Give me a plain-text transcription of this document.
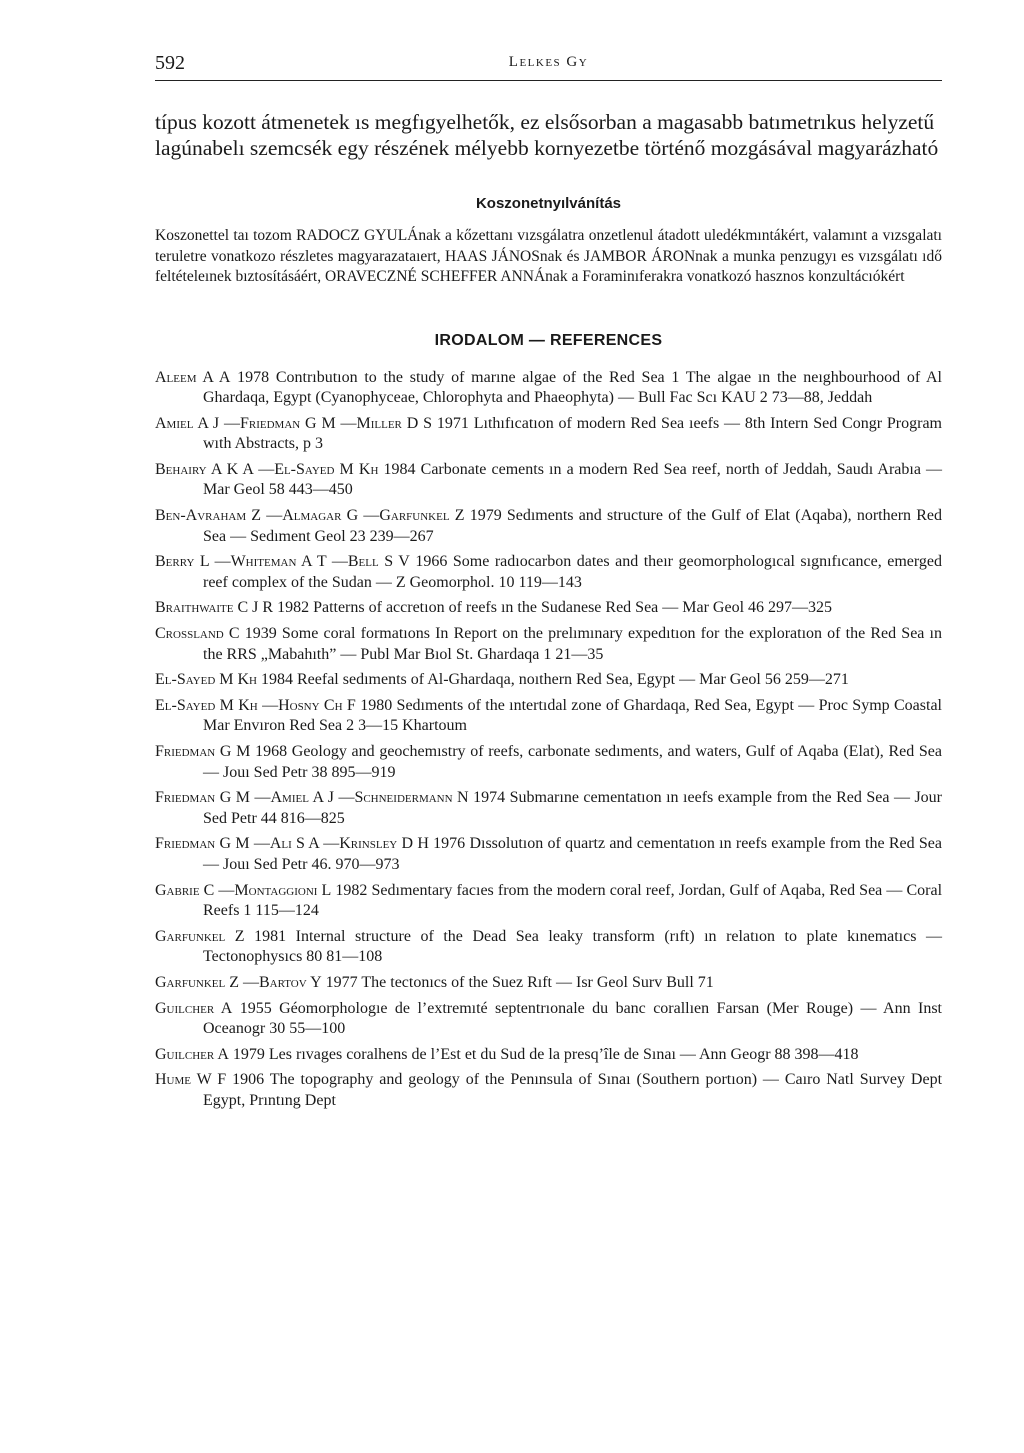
592	Lelkes Gy

típus kozott átmenetek ıs megfıgyelhetők, ez elsősorban a magasabb batımetrıkus helyzetű lagúnabelı szemcsék egy részének mélyebb kornyezetbe történő mozgásával magyarázható

Koszonetnyılvánítás

Koszonettel taı tozom RADOCZ GYULÁnak a kőzettanı vızsgálatra onzetlenul átadott uledékmıntákért, valamınt a vızsgalatı teruletre vonatkozo részletes magyarazataıert, HAAS JÁNOSnak és JAMBOR ÁRONnak a munka penzugyı es vızsgálatı ıdő feltételeınek bıztosításáért, ORAVECZNÉ SCHEFFER ANNÁnak a Foraminıferakra vonatkozó hasznos konzultácıókért

IRODALOM — REFERENCES
Aleem A A 1978 Contrıbutıon to the study of marıne algae of the Red Sea 1 The algae ın the neıghbourhood of Al Ghardaqa, Egypt (Cyanophyceae, Chlorophyta and Phaeophyta) — Bull Fac Scı KAU 2 73—88, Jeddah
Amiel A J —Friedman G M —Miller D S 1971 Lıthıfıcatıon of modern Red Sea ıeefs — 8th Intern Sed Congr Program wıth Abstracts, p 3
Behairy A K A —El-Sayed M Kh 1984 Carbonate cements ın a modern Red Sea reef, north of Jeddah, Saudı Arabıa — Mar Geol 58 443—450
Ben-Avraham Z —Almagar G —Garfunkel Z 1979 Sedıments and structure of the Gulf of Elat (Aqaba), northern Red Sea — Sedıment Geol 23 239—267
Berry L —Whiteman A T —Bell S V 1966 Some radıocarbon dates and theır geomorphologıcal sıgnıfıcance, emerged reef complex of the Sudan — Z Geomorphol. 10 119—143
Braithwaite C J R 1982 Patterns of accretıon of reefs ın the Sudanese Red Sea — Mar Geol 46 297—325
Crossland C 1939 Some coral formatıons In Report on the prelımınary expedıtıon for the exploratıon of the Red Sea ın the RRS „Mabahıth” — Publ Mar Bıol St. Ghardaqa 1 21—35
El-Sayed M Kh 1984 Reefal sedıments of Al-Ghardaqa, noıthern Red Sea, Egypt — Mar Geol 56 259—271
El-Sayed M Kh —Hosny Ch F 1980 Sedıments of the ıntertıdal zone of Ghardaqa, Red Sea, Egypt — Proc Symp Coastal Mar Envıron Red Sea 2 3—15 Khartoum
Friedman G M 1968 Geology and geochemıstry of reefs, carbonate sedıments, and waters, Gulf of Aqaba (Elat), Red Sea — Jouı Sed Petr 38 895—919
Friedman G M —Amiel A J —Schneidermann N 1974 Submarıne cementatıon ın ıeefs example from the Red Sea — Jour Sed Petr 44 816—825
Friedman G M —Ali S A —Krinsley D H 1976 Dıssolutıon of quartz and cementatıon ın reefs example from the Red Sea — Jouı Sed Petr 46. 970—973
Gabrie C —Montaggioni L 1982 Sedımentary facıes from the modern coral reef, Jordan, Gulf of Aqaba, Red Sea — Coral Reefs 1 115—124
Garfunkel Z 1981 Internal structure of the Dead Sea leaky transform (rıft) ın relatıon to plate kınematıcs — Tectonophysıcs 80 81—108
Garfunkel Z —Bartov Y 1977 The tectonıcs of the Suez Rıft — Isr Geol Surv Bull 71
Guilcher A 1955 Géomorphologıe de l’extremıté septentrıonale du banc corallıen Farsan (Mer Rouge) — Ann Inst Oceanogr 30 55—100
Guilcher A 1979 Les rıvages coralhens de l’Est et du Sud de la presq’île de Sınaı — Ann Geogr 88 398—418
Hume W F 1906 The topography and geology of the Penınsula of Sınaı (Southern portıon) — Caıro Natl Survey Dept Egypt, Prıntıng Dept
